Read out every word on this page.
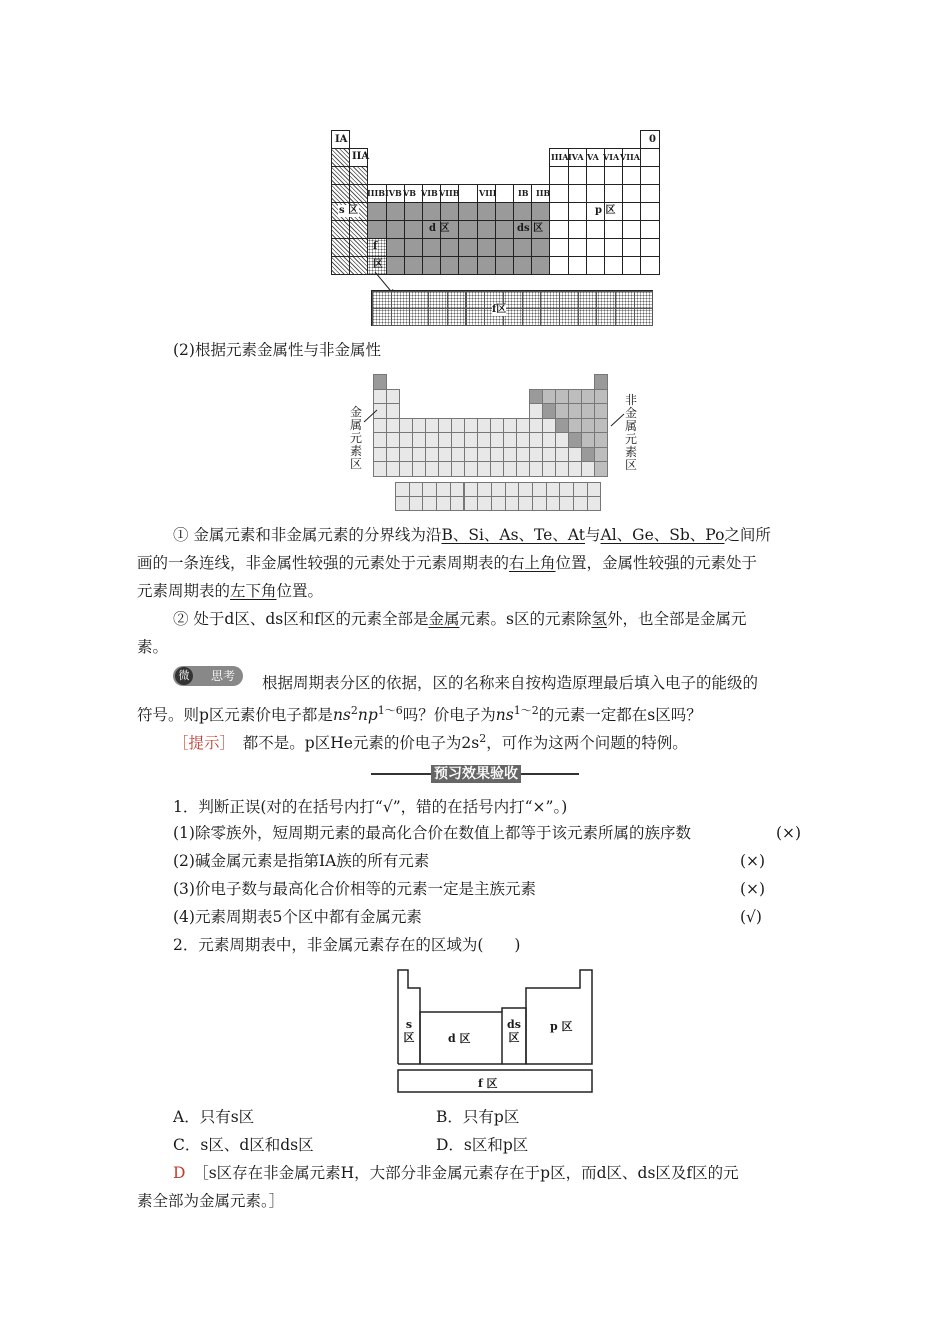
IA
IIA	IIIA IVA VA VIA VIIA
0
IIIB IVB VB VIB VIIB VIII	IB IIB
s 区
d 区	ds 区
p 区
f
区
f区
(2)根据元素金属性与非金属性
金
属
元
素
区
非
金
属
元
素
区
① 金属元素和非金属元素的分界线为沿B、Si、As、Te、At与Al、Ge、Sb、Po之间所
画的一条连线，非金属性较强的元素处于元素周期表的右上角位置，金属性较强的元素处于
元素周期表的左下角位置。
② 处于d区、ds区和f区的元素全部是金属元素。s区的元素除氢外，也全部是金属元
素。
微 思考	根据周期表分区的依据，区的名称来自按构造原理最后填入电子的能级的
符号。则p区元素价电子都是$ns^2np^{1\sim 6}$吗？价电子为$ns^{1\sim 2}$的元素一定都在s区吗？
［提示］　 都不是。p区He元素的价电子为$2s^2$，可作为这两个问题的特例。
预习效果验收
1．判断正误(对的在括号内打“√”，错的在括号内打“×”。)
(1)除零族外，短周期元素的最高化合价在数值上都等于该元素所属的族序数	(×)
(2)碱金属元素是指第ⅠA族的所有元素	(×)
(3)价电子数与最高化合价相等的元素一定是主族元素	(×)
(4)元素周期表5个区中都有金属元素	(√)
2．元素周期表中，非金属元素存在的区域为(　　)
s
区	d 区
ds
区
p 区
f 区
A．只有s区	B．只有p区
C．s区、d区和ds区	D．s区和p区
D　 ［s区存在非金属元素H，大部分非金属元素存在于p区，而d区、ds区及f区的元
素全部为金属元素。］
